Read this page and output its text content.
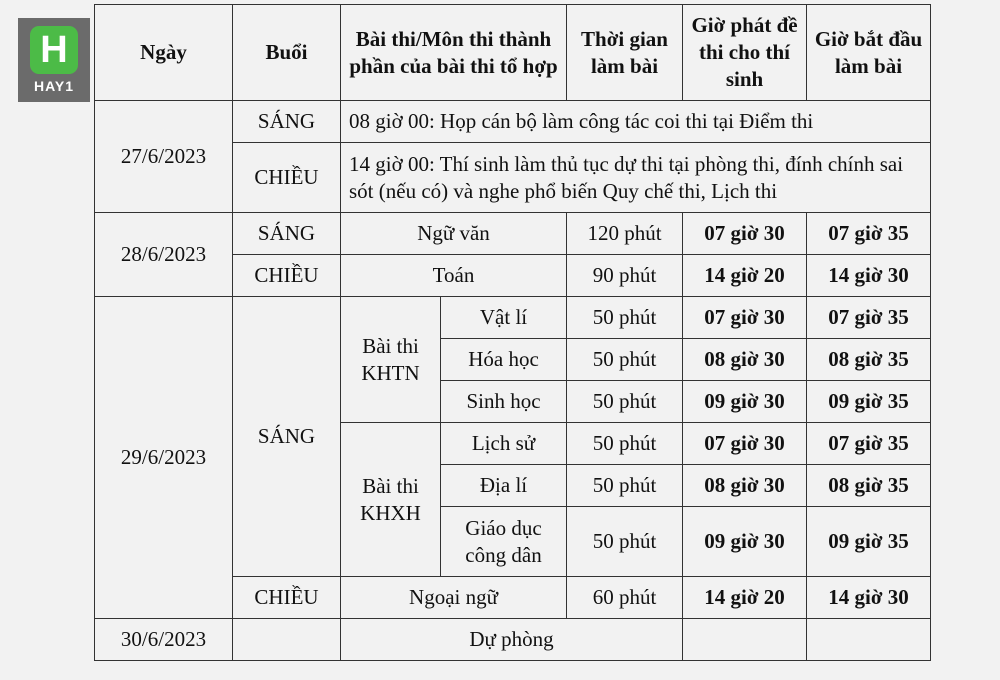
H
HAY1
Ngày	Buổi	Bài thi/Môn thi thành phần của bài thi tổ hợp		Thời gian làm bài	Giờ phát đề thi cho thí sinh	Giờ bắt đầu làm bài
27/6/2023	SÁNG	08 giờ 00: Họp cán bộ làm công tác coi thi tại Điểm thi				
	CHIỀU	14 giờ 00: Thí sinh làm thủ tục dự thi tại phòng thi, đính chính sai sót (nếu có) và nghe phổ biến Quy chế thi, Lịch thi				
28/6/2023	SÁNG	Ngữ văn		120 phút	07 giờ 30	07 giờ 35
	CHIỀU	Toán		90 phút	14 giờ 20	14 giờ 30
29/6/2023	SÁNG	Bài thi KHTN	Vật lí	50 phút	07 giờ 30	07 giờ 35
			Hóa học	50 phút	08 giờ 30	08 giờ 35
			Sinh học	50 phút	09 giờ 30	09 giờ 35
		Bài thi KHXH	Lịch sử	50 phút	07 giờ 30	07 giờ 35
			Địa lí	50 phút	08 giờ 30	08 giờ 35
			Giáo dục công dân	50 phút	09 giờ 30	09 giờ 35
	CHIỀU	Ngoại ngữ		60 phút	14 giờ 20	14 giờ 30
30/6/2023		Dự phòng				
